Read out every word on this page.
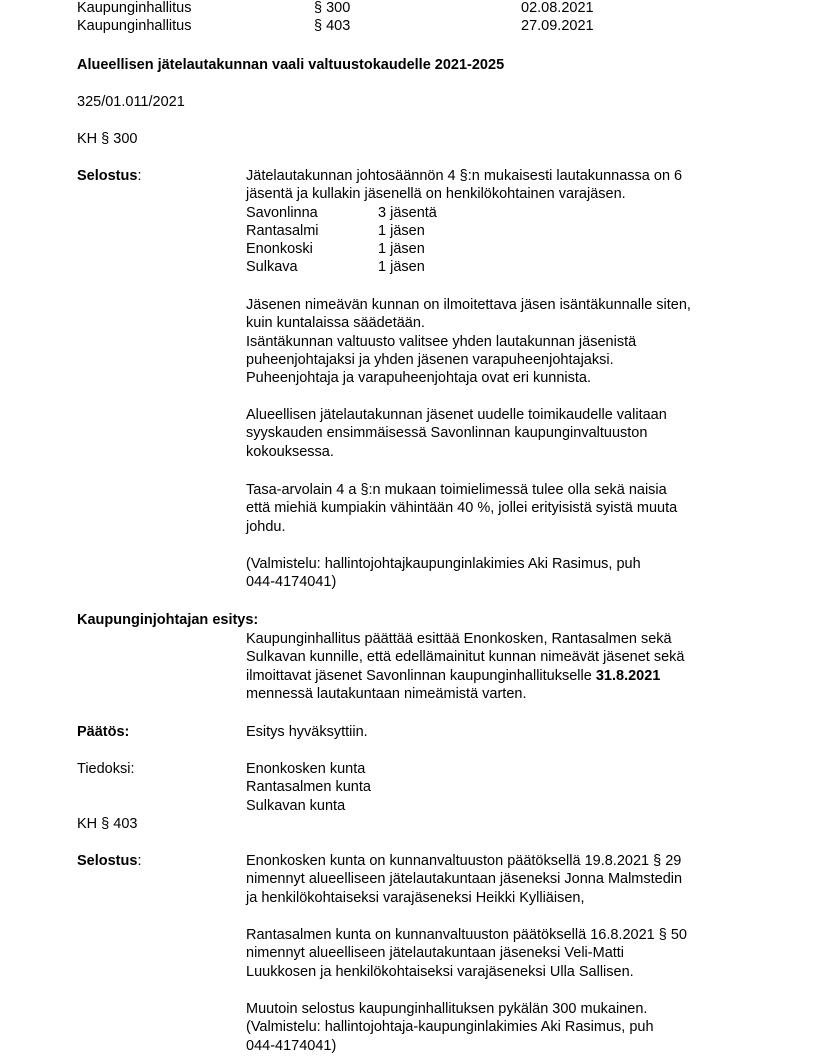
Kaupunginhallitus	§ 300	02.08.2021
Kaupunginhallitus	§ 403	27.09.2021
Alueellisen jätelautakunnan vaali valtuustokaudelle 2021-2025
325/01.011/2021
KH § 300
Selostus:	Jätelautakunnan johtosäännön 4 §:n mukaisesti lautakunnassa on 6
jäsentä ja kullakin jäsenellä on henkilökohtainen varajäsen.
Savonlinna	3 jäsentä
Rantasalmi	1 jäsen
Enonkoski	1 jäsen
Sulkava	1 jäsen
Jäsenen nimeävän kunnan on ilmoitettava jäsen isäntäkunnalle siten,
kuin kuntalaissa säädetään.
Isäntäkunnan valtuusto valitsee yhden lautakunnan jäsenistä
puheenjohtajaksi ja yhden jäsenen varapuheenjohtajaksi.
Puheenjohtaja ja varapuheenjohtaja ovat eri kunnista.
Alueellisen jätelautakunnan jäsenet uudelle toimikaudelle valitaan
syyskauden ensimmäisessä Savonlinnan kaupunginvaltuuston
kokouksessa.
Tasa-arvolain 4 a §:n mukaan toimielimessä tulee olla sekä naisia
että miehiä kumpiakin vähintään 40 %, jollei erityisistä syistä muuta
johdu.
(Valmistelu: hallintojohtajkaupunginlakimies Aki Rasimus, puh
044-4174041)
Kaupunginjohtajan esitys:
Kaupunginhallitus päättää esittää Enonkosken, Rantasalmen sekä
Sulkavan kunnille, että edellämainitut kunnan nimeävät jäsenet sekä
ilmoittavat jäsenet Savonlinnan kaupunginhallitukselle 31.8.2021
mennessä lautakuntaan nimeämistä varten.
Päätös:	Esitys hyväksyttiin.
Tiedoksi:	Enonkosken kunta
Rantasalmen kunta
Sulkavan kunta
KH § 403
Selostus:	Enonkosken kunta on kunnanvaltuuston päätöksellä 19.8.2021 § 29
nimennyt alueelliseen jätelautakuntaan jäseneksi Jonna Malmstedin
ja henkilökohtaiseksi varajäseneksi Heikki Kylliäisen,
Rantasalmen kunta on kunnanvaltuuston päätöksellä 16.8.2021 § 50
nimennyt alueelliseen jätelautakuntaan jäseneksi Veli-Matti
Luukkosen ja henkilökohtaiseksi varajäseneksi Ulla Sallisen.
Muutoin selostus kaupunginhallituksen pykälän 300 mukainen.
(Valmistelu: hallintojohtaja-kaupunginlakimies Aki Rasimus, puh
044-4174041)
